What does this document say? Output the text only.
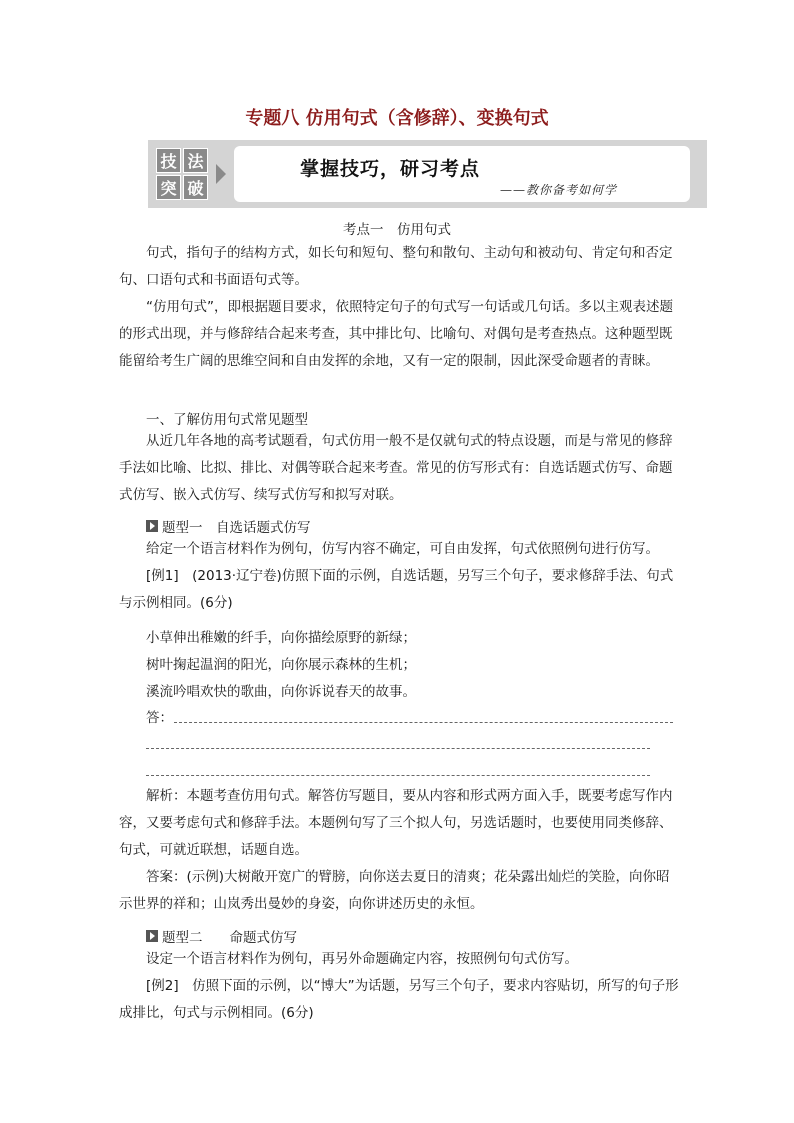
专题八 仿用句式（含修辞）、变换句式
技 法
突 破
掌握技巧，研习考点
——教你备考如何学
考点一　仿用句式
句式，指句子的结构方式，如长句和短句、整句和散句、主动句和被动句、肯定句和否定句、口语句式和书面语句式等。
“仿用句式”，即根据题目要求，依照特定句子的句式写一句话或几句话。多以主观表述题的形式出现，并与修辞结合起来考查，其中排比句、比喻句、对偶句是考查热点。这种题型既能留给考生广阔的思维空间和自由发挥的余地，又有一定的限制，因此深受命题者的青睐。
一、了解仿用句式常见题型
从近几年各地的高考试题看，句式仿用一般不是仅就句式的特点设题，而是与常见的修辞手法如比喻、比拟、排比、对偶等联合起来考查。常见的仿写形式有：自选话题式仿写、命题式仿写、嵌入式仿写、续写式仿写和拟写对联。
题型一　自选话题式仿写
给定一个语言材料作为例句，仿写内容不确定，可自由发挥，句式依照例句进行仿写。
[例1]　(2013·辽宁卷)仿照下面的示例，自选话题，另写三个句子，要求修辞手法、句式与示例相同。(6分)
小草伸出稚嫩的纤手，向你描绘原野的新绿；
树叶掬起温润的阳光，向你展示森林的生机；
溪流吟唱欢快的歌曲，向你诉说春天的故事。
答：
解析：本题考查仿用句式。解答仿写题目，要从内容和形式两方面入手，既要考虑写作内容，又要考虑句式和修辞手法。本题例句写了三个拟人句，另选话题时，也要使用同类修辞、句式，可就近联想，话题自选。
答案：(示例)大树敞开宽广的臂膀，向你送去夏日的清爽；花朵露出灿烂的笑脸，向你昭示世界的祥和；山岚秀出曼妙的身姿，向你讲述历史的永恒。
题型二　　命题式仿写
设定一个语言材料作为例句，再另外命题确定内容，按照例句句式仿写。
[例2]　仿照下面的示例，以“博大”为话题，另写三个句子，要求内容贴切，所写的句子形成排比，句式与示例相同。(6分)
